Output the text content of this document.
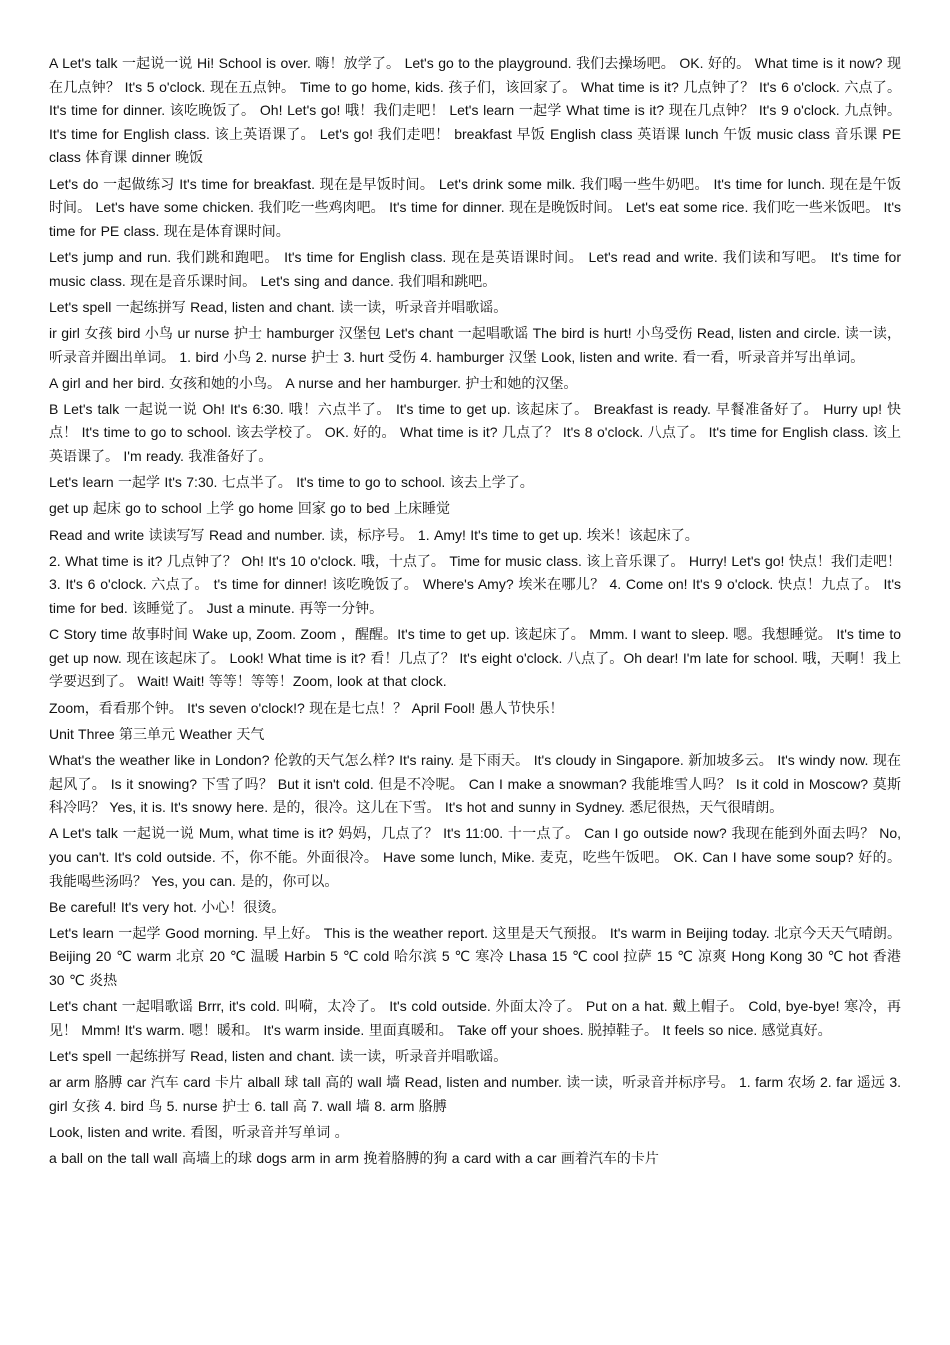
A Let's talk 一起说一说 Hi! School is over. 嗨！放学了。 Let's go to the playground. 我们去操场吧。 OK. 好的。 What time is it now? 现在几点钟？ It's 5 o'clock. 现在五点钟。 Time to go home, kids. 孩子们，该回家了。 What time is it? 几点钟了？ It's 6 o'clock. 六点了。 It's time for dinner. 该吃晚饭了。 Oh! Let's go! 哦！我们走吧！ Let's learn 一起学 What time is it? 现在几点钟？ It's 9 o'clock. 九点钟。 It's time for English class. 该上英语课了。 Let's go! 我们走吧！ breakfast 早饭 English class 英语课 lunch 午饭 music class 音乐课 PE class 体育课 dinner 晚饭

Let's do 一起做练习 It's time for breakfast. 现在是早饭时间。 Let's drink some milk. 我们喝一些牛奶吧。 It's time for lunch. 现在是午饭时间。 Let's have some chicken. 我们吃一些鸡肉吧。 It's time for dinner. 现在是晚饭时间。 Let's eat some rice. 我们吃一些米饭吧。 It's time for PE class. 现在是体育课时间。

Let's jump and run. 我们跳和跑吧。 It's time for English class. 现在是英语课时间。 Let's read and write. 我们读和写吧。 It's time for music class. 现在是音乐课时间。 Let's sing and dance. 我们唱和跳吧。

Let's spell 一起练拼写 Read, listen and chant. 读一读，听录音并唱歌谣。

ir girl 女孩 bird 小鸟 ur nurse 护士 hamburger 汉堡包 Let's chant 一起唱歌谣 The bird is hurt! 小鸟受伤 Read, listen and circle. 读一读，听录音并圈出单词。 1. bird 小鸟 2. nurse 护士 3. hurt 受伤 4. hamburger 汉堡 Look, listen and write. 看一看，听录音并写出单词。

A girl and her bird. 女孩和她的小鸟。 A nurse and her hamburger. 护士和她的汉堡。

B Let's talk 一起说一说 Oh! It's 6:30. 哦！六点半了。 It's time to get up. 该起床了。 Breakfast is ready. 早餐准备好了。 Hurry up! 快点！ It's time to go to school. 该去学校了。 OK. 好的。 What time is it? 几点了？ It's 8 o'clock. 八点了。 It's time for English class. 该上英语课了。 I'm ready. 我准备好了。

Let's learn 一起学 It's 7:30. 七点半了。 It's time to go to school. 该去上学了。

get up 起床 go to school 上学 go home 回家 go to bed 上床睡觉

Read and write 读读写写 Read and number. 读，标序号。 1. Amy! It's time to get up. 埃米！该起床了。

2. What time is it? 几点钟了？ Oh! It's 10 o'clock. 哦，十点了。 Time for music class. 该上音乐课了。 Hurry! Let's go! 快点！我们走吧！ 3. It's 6 o'clock. 六点了。 t's time for dinner! 该吃晚饭了。 Where's Amy? 埃米在哪儿？ 4. Come on! It's 9 o'clock. 快点！九点了。 It's time for bed. 该睡觉了。 Just a minute. 再等一分钟。

C Story time 故事时间 Wake up, Zoom. Zoom ，醒醒。It's time to get up. 该起床了。 Mmm. I want to sleep. 嗯。我想睡觉。 It's time to get up now. 现在该起床了。 Look! What time is it? 看！几点了？ It's eight o'clock. 八点了。Oh dear! I'm late for school. 哦，天啊！我上学要迟到了。 Wait! Wait! 等等！等等！Zoom, look at that clock.

Zoom，看看那个钟。 It's seven o'clock!? 现在是七点！？ April Fool! 愚人节快乐！

Unit Three 第三单元 Weather 天气

What's the weather like in London? 伦敦的天气怎么样? It's rainy. 是下雨天。 It's cloudy in Singapore. 新加坡多云。 It's windy now. 现在起风了。 Is it snowing? 下雪了吗？ But it isn't cold. 但是不冷呢。 Can I make a snowman? 我能堆雪人吗？ Is it cold in Moscow? 莫斯科冷吗？ Yes, it is. It's snowy here. 是的，很冷。这儿在下雪。 It's hot and sunny in Sydney. 悉尼很热，天气很晴朗。

A Let's talk 一起说一说 Mum, what time is it? 妈妈，几点了？ It's 11:00. 十一点了。 Can I go outside now? 我现在能到外面去吗？ No, you can't. It's cold outside. 不，你不能。外面很冷。 Have some lunch, Mike. 麦克，吃些午饭吧。 OK. Can I have some soup? 好的。我能喝些汤吗？ Yes, you can. 是的，你可以。

Be careful! It's very hot. 小心！很烫。

Let's learn 一起学 Good morning. 早上好。 This is the weather report. 这里是天气预报。 It's warm in Beijing today. 北京今天天气晴朗。 Beijing 20 ℃ warm 北京 20 ℃ 温暖 Harbin 5 ℃ cold 哈尔滨 5 ℃ 寒冷 Lhasa 15 ℃ cool 拉萨 15 ℃ 凉爽 Hong Kong 30 ℃ hot 香港 30 ℃ 炎热

Let's chant 一起唱歌谣 Brrr, it's cold. 叫嗬，太冷了。 It's cold outside. 外面太冷了。 Put on a hat. 戴上帽子。 Cold, bye-bye! 寒冷，再见！ Mmm! It's warm. 嗯！暖和。 It's warm inside. 里面真暖和。 Take off your shoes. 脱掉鞋子。 It feels so nice. 感觉真好。

Let's spell 一起练拼写 Read, listen and chant. 读一读，听录音并唱歌谣。

ar arm 胳膊 car 汽车 card 卡片 alball 球 tall 高的 wall 墙 Read, listen and number. 读一读，听录音并标序号。 1. farm 农场 2. far 遥远 3. girl 女孩 4. bird 鸟 5. nurse 护士 6. tall 高 7. wall 墙 8. arm 胳膊

Look, listen and write. 看图，听录音并写单词 。

a ball on the tall wall 高墙上的球 dogs arm in arm 挽着胳膊的狗 a card with a car 画着汽车的卡片
